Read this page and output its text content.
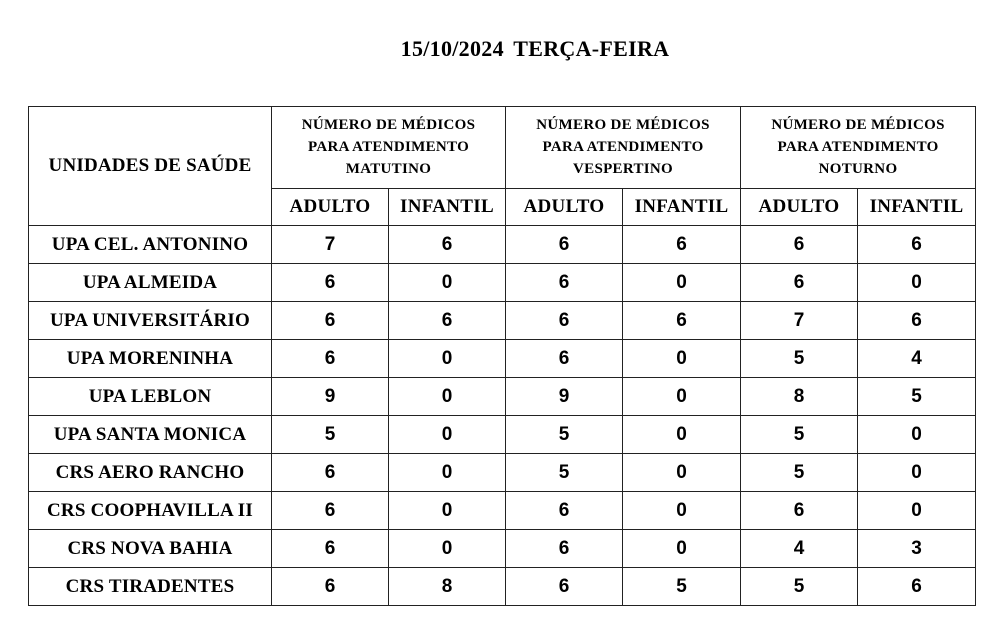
15/10/2024 TERÇA-FEIRA
UNIDADES DE SAÚDE	NÚMERO DE MÉDICOS
PARA ATENDIMENTO
MATUTINO		NÚMERO DE MÉDICOS
PARA ATENDIMENTO
VESPERTINO		NÚMERO DE MÉDICOS
PARA ATENDIMENTO
NOTURNO	
	ADULTO	INFANTIL	ADULTO	INFANTIL	ADULTO	INFANTIL
UPA CEL. ANTONINO	7	6	6	6	6	6
UPA ALMEIDA	6	0	6	0	6	0
UPA UNIVERSITÁRIO	6	6	6	6	7	6
UPA MORENINHA	6	0	6	0	5	4
UPA LEBLON	9	0	9	0	8	5
UPA SANTA MONICA	5	0	5	0	5	0
CRS AERO RANCHO	6	0	5	0	5	0
CRS COOPHAVILLA II	6	0	6	0	6	0
CRS NOVA BAHIA	6	0	6	0	4	3
CRS TIRADENTES	6	8	6	5	5	6
